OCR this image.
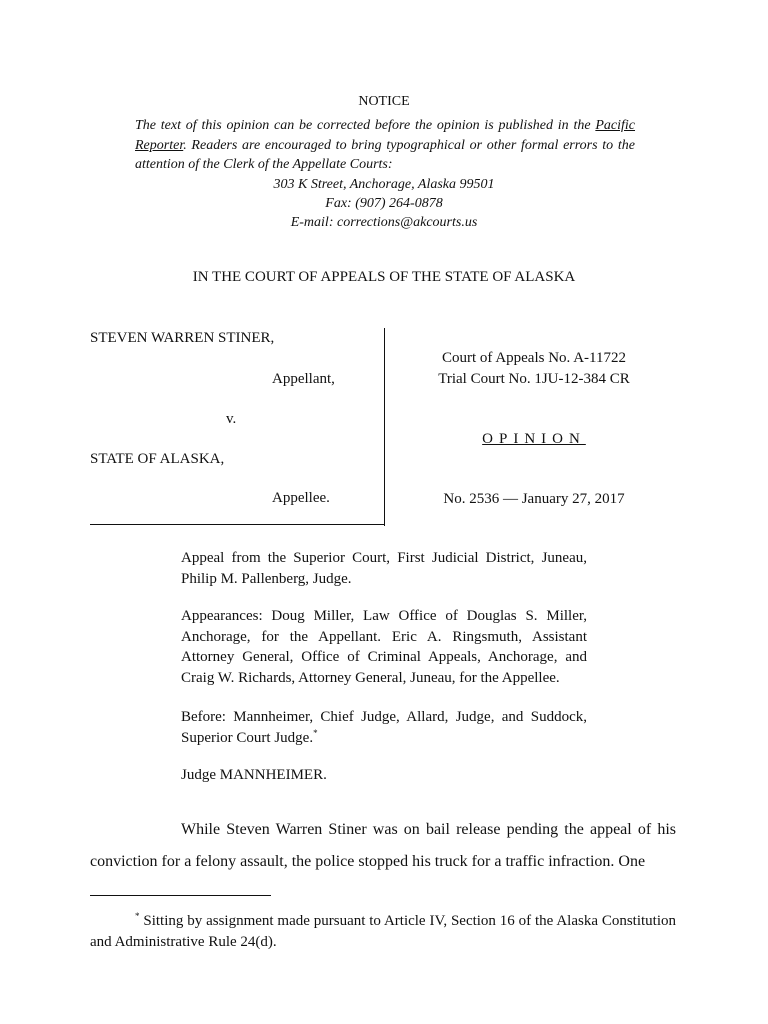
NOTICE
The text of this opinion can be corrected before the opinion is published in the Pacific Reporter. Readers are encouraged to bring typographical or other formal errors to the attention of the Clerk of the Appellate Courts:
303 K Street, Anchorage, Alaska 99501
Fax: (907) 264-0878
E-mail: corrections@akcourts.us
IN THE COURT OF APPEALS OF THE STATE OF ALASKA
STEVEN WARREN STINER,
Appellant,
v.
STATE OF ALASKA,
Appellee.
Court of Appeals No. A-11722
Trial Court No. 1JU-12-384 CR
OPINION
No. 2536 — January 27, 2017
Appeal from the Superior Court, First Judicial District, Juneau, Philip M. Pallenberg, Judge.
Appearances: Doug Miller, Law Office of Douglas S. Miller, Anchorage, for the Appellant. Eric A. Ringsmuth, Assistant Attorney General, Office of Criminal Appeals, Anchorage, and Craig W. Richards, Attorney General, Juneau, for the Appellee.
Before: Mannheimer, Chief Judge, Allard, Judge, and Suddock, Superior Court Judge.*
Judge MANNHEIMER.
While Steven Warren Stiner was on bail release pending the appeal of his conviction for a felony assault, the police stopped his truck for a traffic infraction. One
* Sitting by assignment made pursuant to Article IV, Section 16 of the Alaska Constitution and Administrative Rule 24(d).
